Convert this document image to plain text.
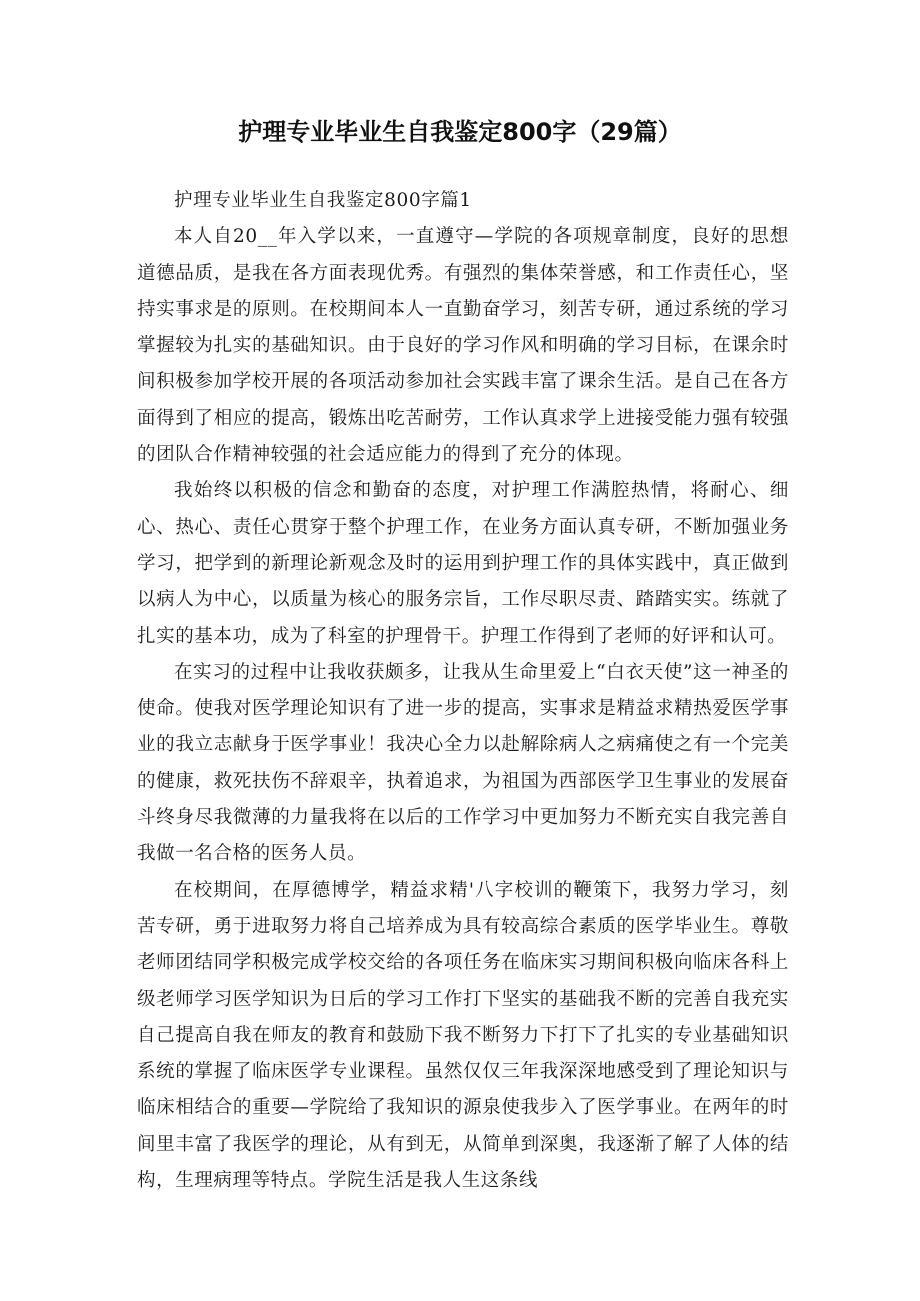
护理专业毕业生自我鉴定800字（29篇）

护理专业毕业生自我鉴定800字篇1

本人自20__年入学以来，一直遵守—学院的各项规章制度，良好的思想道德品质，是我在各方面表现优秀。有强烈的集体荣誉感，和工作责任心，坚持实事求是的原则。在校期间本人一直勤奋学习，刻苦专研，通过系统的学习掌握较为扎实的基础知识。由于良好的学习作风和明确的学习目标，在课余时间积极参加学校开展的各项活动参加社会实践丰富了课余生活。是自己在各方面得到了相应的提高，锻炼出吃苦耐劳，工作认真求学上进接受能力强有较强的团队合作精神较强的社会适应能力的得到了充分的体现。

我始终以积极的信念和勤奋的态度，对护理工作满腔热情，将耐心、细心、热心、责任心贯穿于整个护理工作，在业务方面认真专研，不断加强业务学习，把学到的新理论新观念及时的运用到护理工作的具体实践中，真正做到以病人为中心，以质量为核心的服务宗旨，工作尽职尽责、踏踏实实。练就了扎实的基本功，成为了科室的护理骨干。护理工作得到了老师的好评和认可。

在实习的过程中让我收获颇多，让我从生命里爱上“白衣天使”这一神圣的使命。使我对医学理论知识有了进一步的提高，实事求是精益求精热爱医学事业的我立志献身于医学事业！我决心全力以赴解除病人之病痛使之有一个完美的健康，救死扶伤不辞艰辛，执着追求，为祖国为西部医学卫生事业的发展奋斗终身尽我微薄的力量我将在以后的工作学习中更加努力不断充实自我完善自我做一名合格的医务人员。

在校期间，在厚德博学，精益求精'八字校训的鞭策下，我努力学习，刻苦专研，勇于进取努力将自己培养成为具有较高综合素质的医学毕业生。尊敬老师团结同学积极完成学校交给的各项任务在临床实习期间积极向临床各科上级老师学习医学知识为日后的学习工作打下坚实的基础我不断的完善自我充实自己提高自我在师友的教育和鼓励下我不断努力下打下了扎实的专业基础知识系统的掌握了临床医学专业课程。虽然仅仅三年我深深地感受到了理论知识与临床相结合的重要—学院给了我知识的源泉使我步入了医学事业。在两年的时间里丰富了我医学的理论，从有到无，从简单到深奥，我逐渐了解了人体的结构，生理病理等特点。学院生活是我人生这条线
